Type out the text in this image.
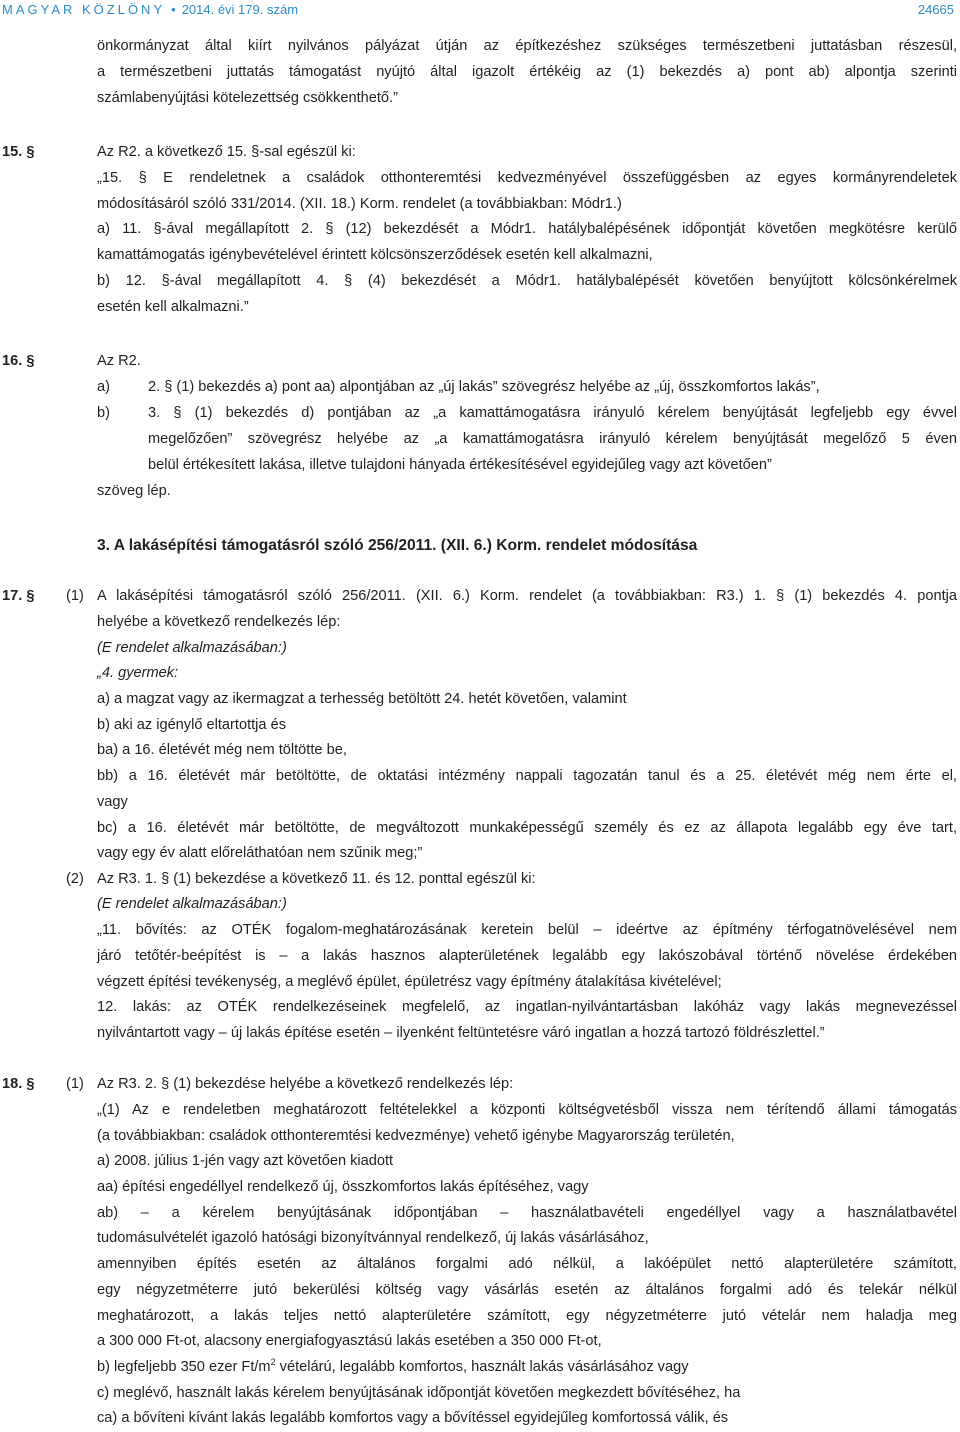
MAGYAR KÖZLÖNY • 2014. évi 179. szám	24665
önkormányzat által kiírt nyilvános pályázat útján az építkezéshez szükséges természetbeni juttatásban részesül,
a természetbeni juttatás támogatást nyújtó által igazolt értékéig az (1) bekezdés a) pont ab) alpontja szerinti
számlabenyújtási kötelezettség csökkenthető.”
15. §	Az R2. a következő 15. §-sal egészül ki:
„15. § E rendeletnek a családok otthonteremtési kedvezményével összefüggésben az egyes kormányrendeletek
módosításáról szóló 331/2014. (XII. 18.) Korm. rendelet (a továbbiakban: Módr1.)
a) 11. §-ával megállapított 2. § (12) bekezdését a Módr1. hatálybalépésének időpontját követően megkötésre kerülő
kamattámogatás igénybevételével érintett kölcsönszerződések esetén kell alkalmazni,
b) 12. §-ával megállapított 4. § (4) bekezdését a Módr1. hatálybalépését követően benyújtott kölcsönkérelmek
esetén kell alkalmazni.”
16. §	Az R2.
a)	2. § (1) bekezdés a) pont aa) alpontjában az „új lakás” szövegrész helyébe az „új, összkomfortos lakás”,
b)	3. § (1) bekezdés d) pontjában az „a kamattámogatásra irányuló kérelem benyújtását legfeljebb egy évvel
megelőzően” szövegrész helyébe az „a kamattámogatásra irányuló kérelem benyújtását megelőző 5 éven
belül értékesített lakása, illetve tulajdoni hányada értékesítésével egyidejűleg vagy azt követően”
szöveg lép.
3. A lakásépítési támogatásról szóló 256/2011. (XII. 6.) Korm. rendelet módosítása
17. § (1) A lakásépítési támogatásról szóló 256/2011. (XII. 6.) Korm. rendelet (a továbbiakban: R3.) 1. § (1) bekezdés 4. pontja
helyébe a következő rendelkezés lép:
(E rendelet alkalmazásában:)
„4. gyermek:
a) a magzat vagy az ikermagzat a terhesség betöltött 24. hetét követően, valamint
b) aki az igénylő eltartottja és
ba) a 16. életévét még nem töltötte be,
bb) a 16. életévét már betöltötte, de oktatási intézmény nappali tagozatán tanul és a 25. életévét még nem érte el,
vagy
bc) a 16. életévét már betöltötte, de megváltozott munkaképességű személy és ez az állapota legalább egy éve tart,
vagy egy év alatt előreláthatóan nem szűnik meg;”
(2) Az R3. 1. § (1) bekezdése a következő 11. és 12. ponttal egészül ki:
(E rendelet alkalmazásában:)
„11. bővítés: az OTÉK fogalom-meghatározásának keretein belül – ideértve az építmény térfogatnövelésével nem
járó tetőtér-beépítést is – a lakás hasznos alapterületének legalább egy lakószobával történő növelése érdekében
végzett építési tevékenység, a meglévő épület, épületrész vagy építmény átalakítása kivételével;
12. lakás: az OTÉK rendelkezéseinek megfelelő, az ingatlan-nyilvántartásban lakóház vagy lakás megnevezéssel
nyilvántartott vagy – új lakás építése esetén – ilyenként feltüntetésre váró ingatlan a hozzá tartozó földrészlettel.”
18. § (1) Az R3. 2. § (1) bekezdése helyébe a következő rendelkezés lép:
„(1) Az e rendeletben meghatározott feltételekkel a központi költségvetésből vissza nem térítendő állami támogatás
(a továbbiakban: családok otthonteremtési kedvezménye) vehető igénybe Magyarország területén,
a) 2008. július 1-jén vagy azt követően kiadott
aa) építési engedéllyel rendelkező új, összkomfortos lakás építéséhez, vagy
ab) – a kérelem benyújtásának időpontjában – használatbavételi engedéllyel vagy a használatbavétel
tudomásulvételét igazoló hatósági bizonyítvánnyal rendelkező, új lakás vásárlásához,
amennyiben építés esetén az általános forgalmi adó nélkül, a lakóépület nettó alapterületére számított,
egy négyzetméterre jutó bekerülési költség vagy vásárlás esetén az általános forgalmi adó és telekár nélkül
meghatározott, a lakás teljes nettó alapterületére számított, egy négyzetméterre jutó vételár nem haladja meg
a 300 000 Ft-ot, alacsony energiafogyasztású lakás esetében a 350 000 Ft-ot,
b) legfeljebb 350 ezer $Ft/m^2$ vételárú, legalább komfortos, használt lakás vásárlásához vagy
c) meglévő, használt lakás kérelem benyújtásának időpontját követően megkezdett bővítéséhez, ha
ca) a bővíteni kívánt lakás legalább komfortos vagy a bővítéssel egyidejűleg komfortossá válik, és
